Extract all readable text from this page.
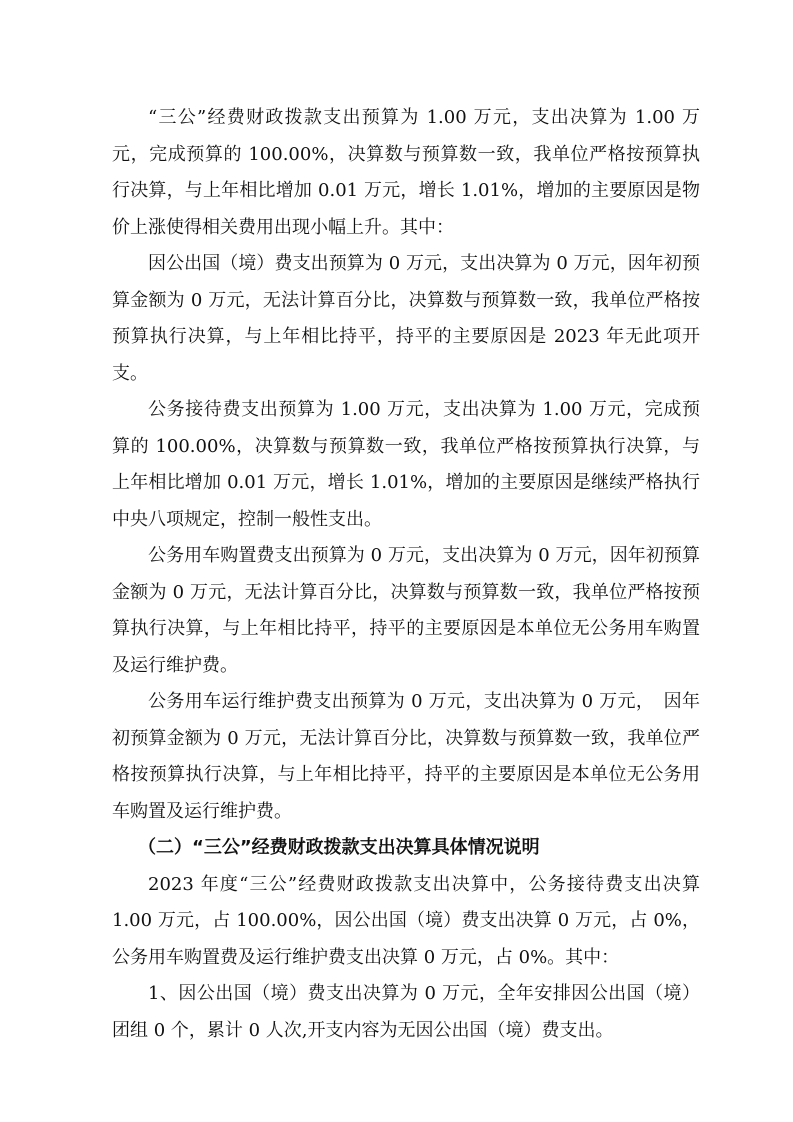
“三公”经费财政拨款支出预算为 1.00 万元，支出决算为 1.00 万元，完成预算的 100.00%，决算数与预算数一致，我单位严格按预算执行决算，与上年相比增加 0.01 万元，增长 1.01%，增加的主要原因是物价上涨使得相关费用出现小幅上升。其中：

因公出国（境）费支出预算为 0 万元，支出决算为 0 万元，因年初预算金额为 0 万元，无法计算百分比，决算数与预算数一致，我单位严格按预算执行决算，与上年相比持平，持平的主要原因是 2023 年无此项开支。

公务接待费支出预算为 1.00 万元，支出决算为 1.00 万元，完成预算的 100.00%，决算数与预算数一致，我单位严格按预算执行决算，与上年相比增加 0.01 万元，增长 1.01%，增加的主要原因是继续严格执行中央八项规定，控制一般性支出。

公务用车购置费支出预算为 0 万元，支出决算为 0 万元，因年初预算金额为 0 万元，无法计算百分比，决算数与预算数一致，我单位严格按预算执行决算，与上年相比持平，持平的主要原因是本单位无公务用车购置及运行维护费。

公务用车运行维护费支出预算为 0 万元，支出决算为 0 万元，　因年初预算金额为 0 万元，无法计算百分比，决算数与预算数一致，我单位严格按预算执行决算，与上年相比持平，持平的主要原因是本单位无公务用车购置及运行维护费。

（二）“三公”经费财政拨款支出决算具体情况说明

2023 年度“三公”经费财政拨款支出决算中，公务接待费支出决算 1.00 万元，占 100.00%，因公出国（境）费支出决算 0 万元，占 0%，公务用车购置费及运行维护费支出决算 0 万元，占 0%。其中：

1、因公出国（境）费支出决算为 0 万元，全年安排因公出国（境）团组 0 个，累计 0 人次,开支内容为无因公出国（境）费支出。
